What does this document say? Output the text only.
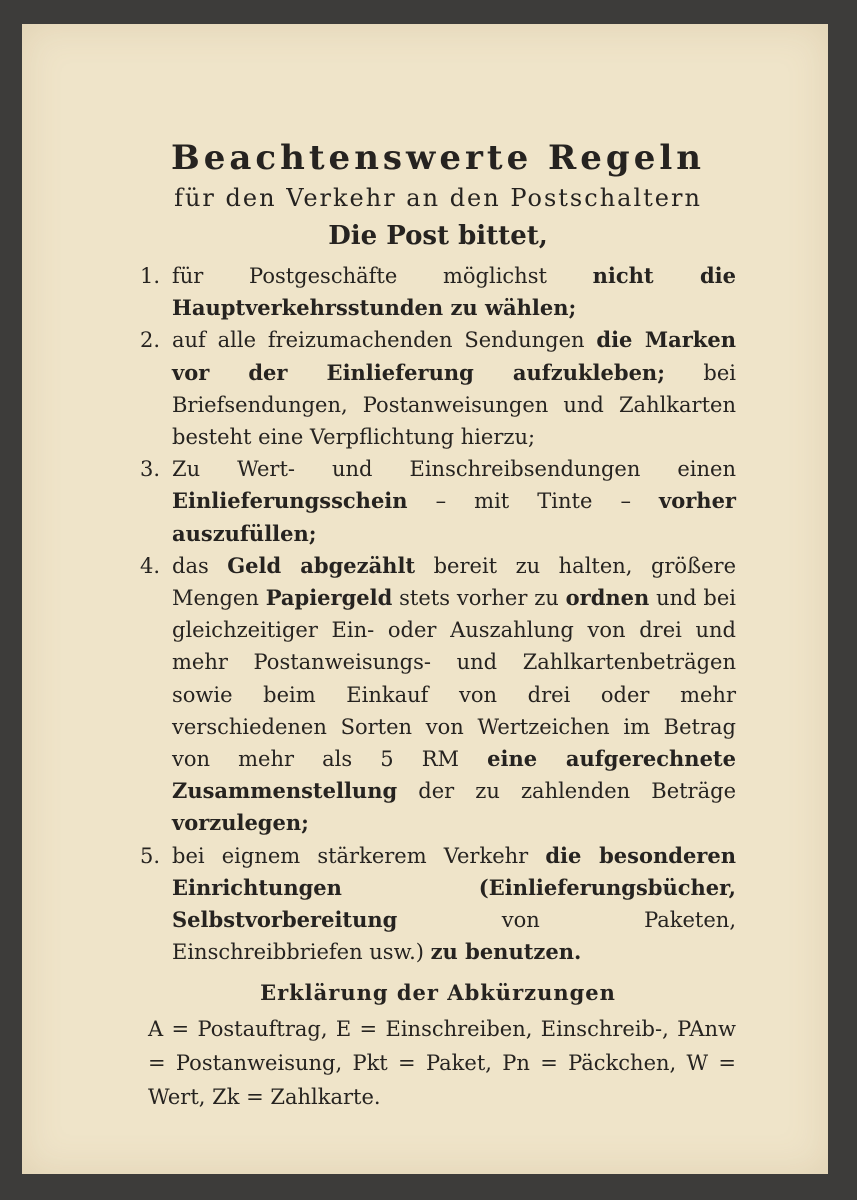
Beachtenswerte Regeln

für den Verkehr an den Postschaltern

Die Post bittet,

1. für Postgeschäfte möglichst nicht die Hauptverkehrsstunden zu wählen;
2. auf alle freizumachenden Sendungen die Marken vor der Einlieferung aufzukleben; bei Briefsendungen, Postanweisungen und Zahlkarten besteht eine Verpflichtung hierzu;
3. Zu Wert- und Einschreibsendungen einen Einlieferungsschein – mit Tinte – vorher auszufüllen;
4. das Geld abgezählt bereit zu halten, größere Mengen Papiergeld stets vorher zu ordnen und bei gleichzeitiger Ein- oder Auszahlung von drei und mehr Postanweisungs- und Zahlkartenbeträgen sowie beim Einkauf von drei oder mehr verschiedenen Sorten von Wertzeichen im Betrag von mehr als 5 RM eine aufgerechnete Zusammenstellung der zu zahlenden Beträge vorzulegen;
5. bei eignem stärkerem Verkehr die besonderen Einrichtungen (Einlieferungsbücher, Selbstvorbereitung von Paketen, Einschreibbriefen usw.) zu benutzen.

Erklärung der Abkürzungen

A = Postauftrag, E = Einschreiben, Einschreib-, PAnw = Postanweisung, Pkt = Paket, Pn = Päckchen, W = Wert, Zk = Zahlkarte.
